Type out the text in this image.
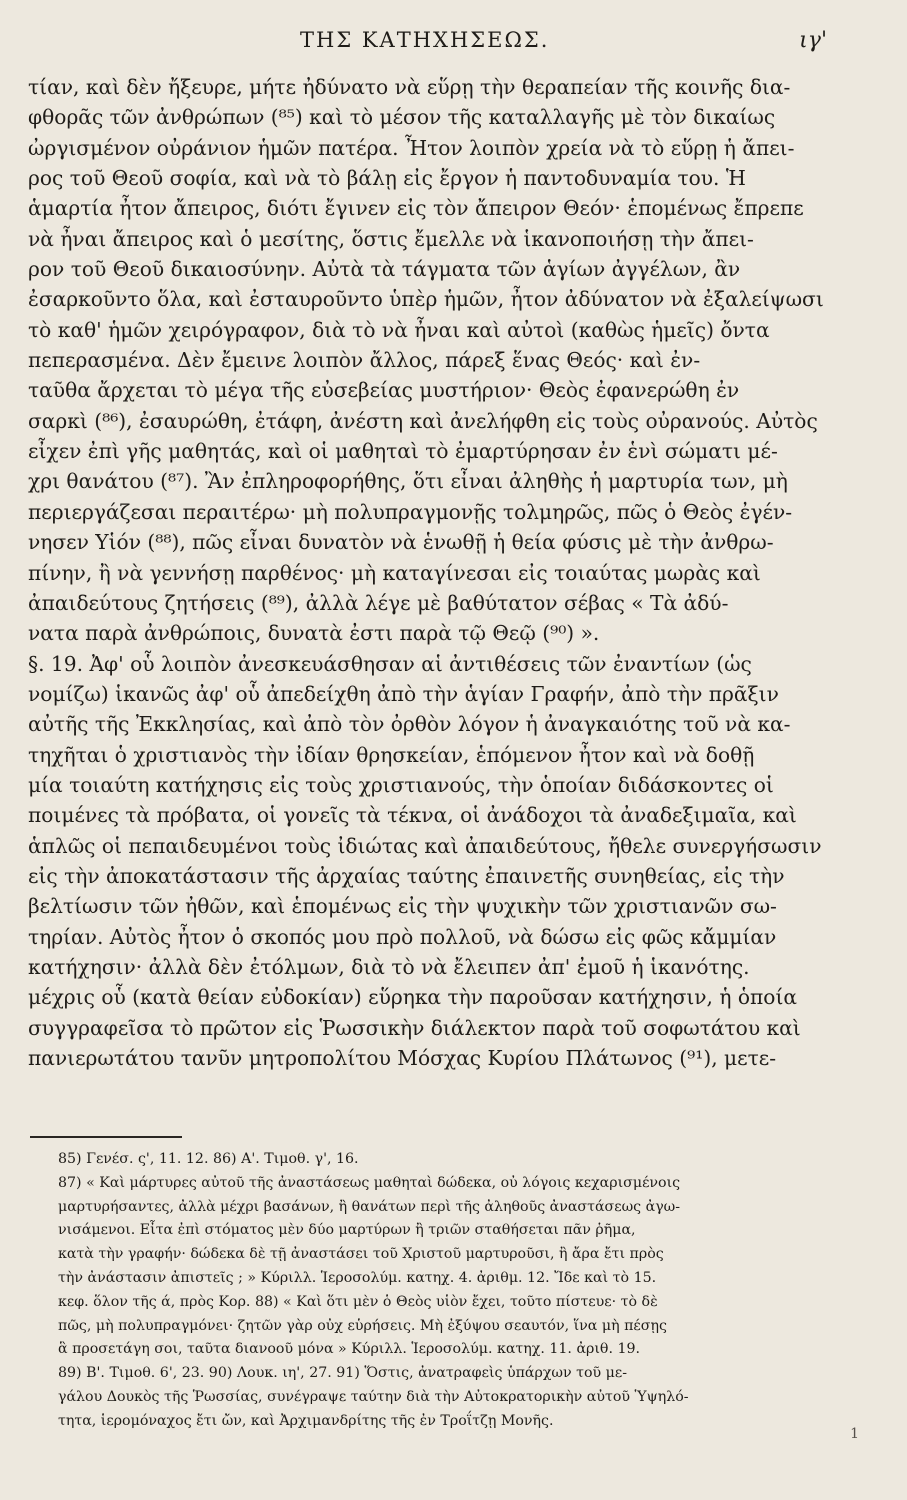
ΤΗΣ ΚΑΤΗΧΗΣΕΩΣ.	ιγ'
τίαν, καὶ δὲν ἤξευρε, μήτε ἠδύνατο νὰ εὕρῃ τὴν θεραπείαν τῆς κοινῆς δια-
φθορᾶς τῶν ἀνθρώπων (⁸⁵) καὶ τὸ μέσον τῆς καταλλαγῆς μὲ τὸν δικαίως
ὠργισμένον οὐράνιον ἡμῶν πατέρα. Ἦτον λοιπὸν χρεία νὰ τὸ εὕρῃ ἡ ἄπει-
ρος τοῦ Θεοῦ σοφία, καὶ νὰ τὸ βάλῃ εἰς ἔργον ἡ παντοδυναμία του. Ἡ
ἁμαρτία ἦτον ἄπειρος, διότι ἔγινεν εἰς τὸν ἄπειρον Θεόν· ἑπομένως ἔπρεπε
νὰ ἦναι ἄπειρος καὶ ὁ μεσίτης, ὅστις ἔμελλε νὰ ἱκανοποιήσῃ τὴν ἄπει-
ρον τοῦ Θεοῦ δικαιοσύνην. Αὐτὰ τὰ τάγματα τῶν ἁγίων ἀγγέλων, ἂν
ἐσαρκοῦντο ὅλα, καὶ ἐσταυροῦντο ὑπὲρ ἡμῶν, ἦτον ἀδύνατον νὰ ἐξαλείψωσι
τὸ καθ' ἡμῶν χειρόγραφον, διὰ τὸ νὰ ἦναι καὶ αὐτοὶ (καθὼς ἡμεῖς) ὄντα
πεπερασμένα. Δὲν ἔμεινε λοιπὸν ἄλλος, πάρεξ ἕνας Θεός· καὶ ἐν-
ταῦθα ἄρχεται τὸ μέγα τῆς εὐσεβείας μυστήριον· Θεὸς ἐφανερώθη ἐν
σαρκὶ (⁸⁶), ἐσαυρώθη, ἐτάφη, ἀνέστη καὶ ἀνελήφθη εἰς τοὺς οὐρανούς. Αὐτὸς
εἶχεν ἐπὶ γῆς μαθητάς, καὶ οἱ μαθηταὶ τὸ ἐμαρτύρησαν ἐν ἑνὶ σώματι μέ-
χρι θανάτου (⁸⁷). Ἂν ἐπληροφορήθης, ὅτι εἶναι ἀληθὴς ἡ μαρτυρία των, μὴ
περιεργάζεσαι περαιτέρω· μὴ πολυπραγμονῇς τολμηρῶς, πῶς ὁ Θεὸς ἐγέν-
νησεν Υἱόν (⁸⁸), πῶς εἶναι δυνατὸν νὰ ἑνωθῇ ἡ θεία φύσις μὲ τὴν ἀνθρω-
πίνην, ἢ νὰ γεννήσῃ παρθένος· μὴ καταγίνεσαι εἰς τοιαύτας μωρὰς καὶ
ἀπαιδεύτους ζητήσεις (⁸⁹), ἀλλὰ λέγε μὲ βαθύτατον σέβας « Τὰ ἀδύ-
νατα παρὰ ἀνθρώποις, δυνατὰ ἐστι παρὰ τῷ Θεῷ (⁹⁰) ».
§. 19. Ἀφ' οὗ λοιπὸν ἀνεσκευάσθησαν αἱ ἀντιθέσεις τῶν ἐναντίων (ὡς
νομίζω) ἱκανῶς ἀφ' οὗ ἀπεδείχθη ἀπὸ τὴν ἁγίαν Γραφήν, ἀπὸ τὴν πρᾶξιν
αὐτῆς τῆς Ἐκκλησίας, καὶ ἀπὸ τὸν ὀρθὸν λόγον ἡ ἀναγκαιότης τοῦ νὰ κα-
τηχῆται ὁ χριστιανὸς τὴν ἰδίαν θρησκείαν, ἑπόμενον ἦτον καὶ νὰ δοθῇ
μία τοιαύτη κατήχησις εἰς τοὺς χριστιανούς, τὴν ὁποίαν διδάσκοντες οἱ
ποιμένες τὰ πρόβατα, οἱ γονεῖς τὰ τέκνα, οἱ ἀνάδοχοι τὰ ἀναδεξιμαῖα, καὶ
ἁπλῶς οἱ πεπαιδευμένοι τοὺς ἰδιώτας καὶ ἀπαιδεύτους, ἤθελε συνεργήσωσιν
εἰς τὴν ἀποκατάστασιν τῆς ἀρχαίας ταύτης ἐπαινετῆς συνηθείας, εἰς τὴν
βελτίωσιν τῶν ἠθῶν, καὶ ἑπομένως εἰς τὴν ψυχικὴν τῶν χριστιανῶν σω-
τηρίαν. Αὐτὸς ἦτον ὁ σκοπός μου πρὸ πολλοῦ, νὰ δώσω εἰς φῶς κἄμμίαν
κατήχησιν· ἀλλὰ δὲν ἐτόλμων, διὰ τὸ νὰ ἔλειπεν ἀπ' ἐμοῦ ἡ ἱκανότης.
μέχρις οὗ (κατὰ θείαν εὐδοκίαν) εὕρηκα τὴν παροῦσαν κατήχησιν, ἡ ὁποία
συγγραφεῖσα τὸ πρῶτον εἰς Ῥωσσικὴν διάλεκτον παρὰ τοῦ σοφωτάτου καὶ
πανιερωτάτου τανῦν μητροπολίτου Μόσχας Κυρίου Πλάτωνος (⁹¹), μετε-
85) Γενέσ. ς', 11. 12. 86) Α'. Τιμοθ. γ', 16.
87) « Καὶ μάρτυρες αὐτοῦ τῆς ἀναστάσεως μαθηταὶ δώδεκα, οὐ λόγοις κεχαρισμένοις
μαρτυρήσαντες, ἀλλὰ μέχρι βασάνων, ἢ θανάτων περὶ τῆς ἀληθοῦς ἀναστάσεως ἀγω-
νισάμενοι. Εἶτα ἐπὶ στόματος μὲν δύο μαρτύρων ἢ τριῶν σταθήσεται πᾶν ῥῆμα,
κατὰ τὴν γραφήν· δώδεκα δὲ τῇ ἀναστάσει τοῦ Χριστοῦ μαρτυροῦσι, ἢ ἄρα ἔτι πρὸς
τὴν ἀνάστασιν ἀπιστεῖς ; » Κύριλλ. Ἱεροσολύμ. κατηχ. 4. ἀριθμ. 12. Ἴδε καὶ τὸ 15.
κεφ. ὅλον τῆς ά, πρὸς Κορ. 88) « Καὶ ὅτι μὲν ὁ Θεὸς υἱὸν ἔχει, τοῦτο πίστευε· τὸ δὲ
πῶς, μὴ πολυπραγμόνει· ζητῶν γὰρ οὐχ εὑρήσεις. Μὴ ἐξύψου σεαυτόν, ἵνα μὴ πέσῃς
ἃ προσετάγη σοι, ταῦτα διανοοῦ μόνα » Κύριλλ. Ἱεροσολύμ. κατηχ. 11. ἀριθ. 19.
89) Β'. Τιμοθ. 6', 23. 90) Λουκ. ιη', 27. 91) Ὅστις, ἀνατραφεὶς ὑπάρχων τοῦ με-
γάλου Δουκὸς τῆς Ῥωσσίας, συνέγραψε ταύτην διὰ τὴν Αὐτοκρατορικὴν αὐτοῦ Ὑψηλό-
τητα, ἱερομόναχος ἔτι ὤν, καὶ Ἀρχιμανδρίτης τῆς ἐν Τροΐτζῃ Μονῆς.
1
